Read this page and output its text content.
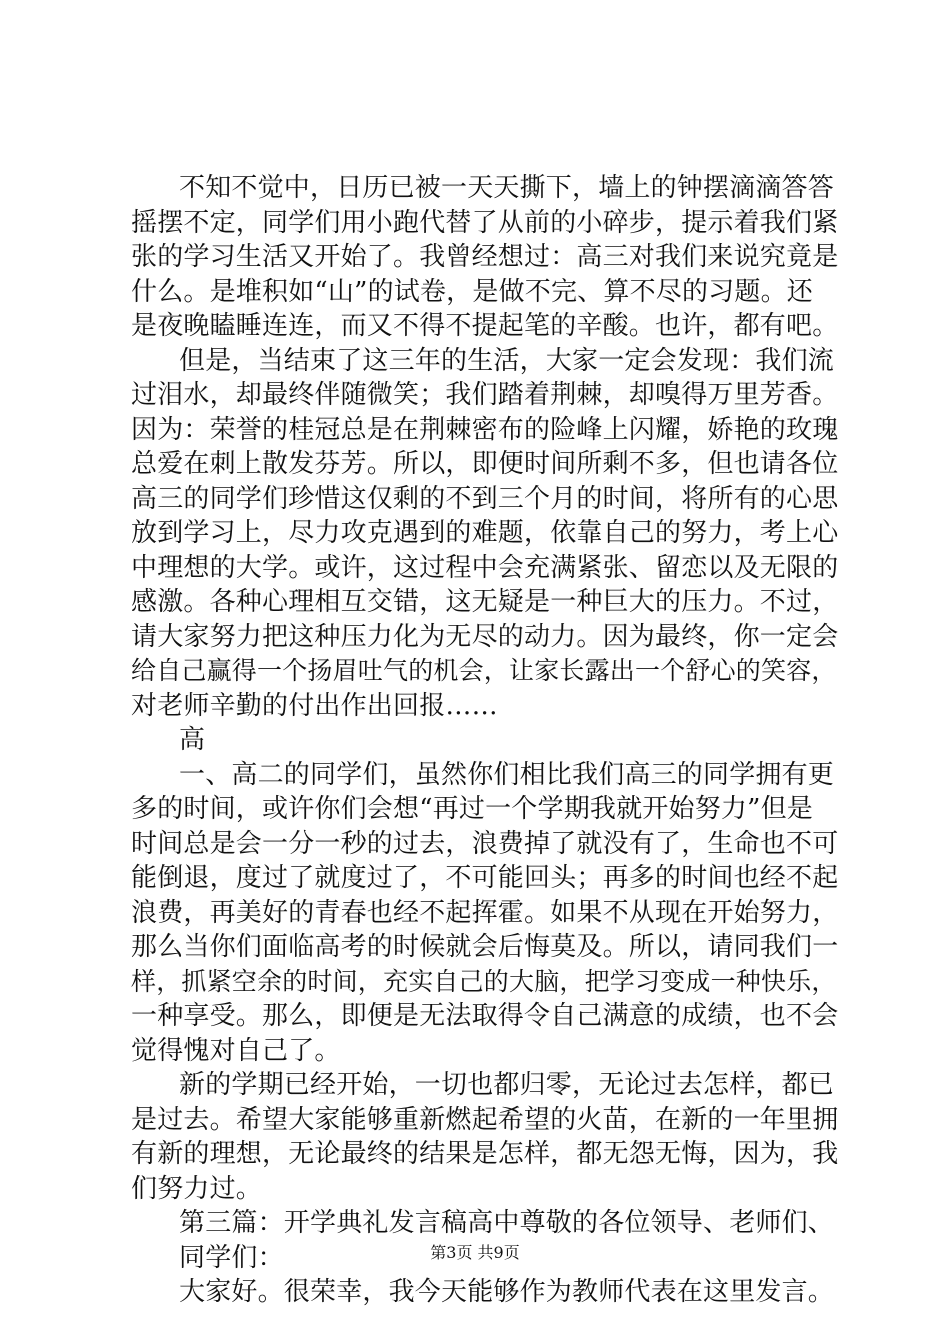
不知不觉中，日历已被一天天撕下，墙上的钟摆滴滴答答
摇摆不定，同学们用小跑代替了从前的小碎步，提示着我们紧
张的学习生活又开始了。我曾经想过：高三对我们来说究竟是
什么。是堆积如“山”的试卷，是做不完、算不尽的习题。还
是夜晚瞌睡连连，而又不得不提起笔的辛酸。也许，都有吧。
但是，当结束了这三年的生活，大家一定会发现：我们流
过泪水，却最终伴随微笑；我们踏着荆棘，却嗅得万里芳香。
因为：荣誉的桂冠总是在荆棘密布的险峰上闪耀，娇艳的玫瑰
总爱在刺上散发芬芳。所以，即便时间所剩不多，但也请各位
高三的同学们珍惜这仅剩的不到三个月的时间，将所有的心思
放到学习上，尽力攻克遇到的难题，依靠自己的努力，考上心
中理想的大学。或许，这过程中会充满紧张、留恋以及无限的
感激。各种心理相互交错，这无疑是一种巨大的压力。不过，
请大家努力把这种压力化为无尽的动力。因为最终，你一定会
给自己赢得一个扬眉吐气的机会，让家长露出一个舒心的笑容，
对老师辛勤的付出作出回报……
高
一、高二的同学们，虽然你们相比我们高三的同学拥有更
多的时间，或许你们会想“再过一个学期我就开始努力”但是
时间总是会一分一秒的过去，浪费掉了就没有了，生命也不可
能倒退，度过了就度过了，不可能回头；再多的时间也经不起
浪费，再美好的青春也经不起挥霍。如果不从现在开始努力，
那么当你们面临高考的时候就会后悔莫及。所以，请同我们一
样，抓紧空余的时间，充实自己的大脑，把学习变成一种快乐，
一种享受。那么，即便是无法取得令自己满意的成绩，也不会
觉得愧对自己了。
新的学期已经开始，一切也都归零，无论过去怎样，都已
是过去。希望大家能够重新燃起希望的火苗，在新的一年里拥
有新的理想，无论最终的结果是怎样，都无怨无悔，因为，我
们努力过。
第三篇：开学典礼发言稿高中尊敬的各位领导、老师们、
同学们：
大家好。很荣幸，我今天能够作为教师代表在这里发言。
第3页 共9页
